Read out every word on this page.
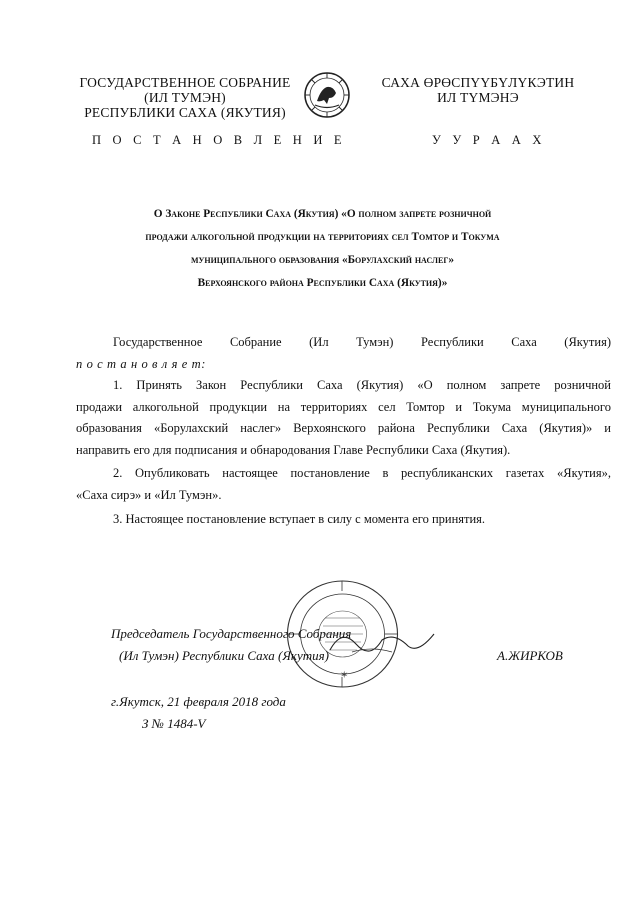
ГОСУДАРСТВЕННОЕ СОБРАНИЕ
(ИЛ ТУМЭН)
РЕСПУБЛИКИ САХА (ЯКУТИЯ)
САХА ӨРӨСПҮҮБҮЛҮКЭТИН
ИЛ ТҮМЭНЭ
П О С Т А Н О В Л Е Н И Е	У У Р А А Х
О Законе Республики Саха (Якутия) «О полном запрете розничной
продажи алкогольной продукции на территориях сел Томтор и Токума
муниципального образования «Борулахский наслег»
Верхоянского района Республики Саха (Якутия)»
Государственное Собрание (Ил Тумэн) Республики Саха (Якутия)
п о с т а н о в л я е т:
1. Принять Закон Республики Саха (Якутия) «О полном запрете розничной
продажи алкогольной продукции на территориях сел Томтор и Токума муниципального
образования «Борулахский наслег» Верхоянского района Республики Саха (Якутия)» и
направить его для подписания и обнародования Главе Республики Саха (Якутия).
2. Опубликовать настоящее постановление в республиканских газетах «Якутия»,
«Саха сирэ» и «Ил Тумэн».
3. Настоящее постановление вступает в силу с момента его принятия.
✶
Председатель Государственного Собрания
(Ил Тумэн) Республики Саха (Якутия)	А.ЖИРКОВ
г.Якутск, 21 февраля 2018 года
З № 1484-V
